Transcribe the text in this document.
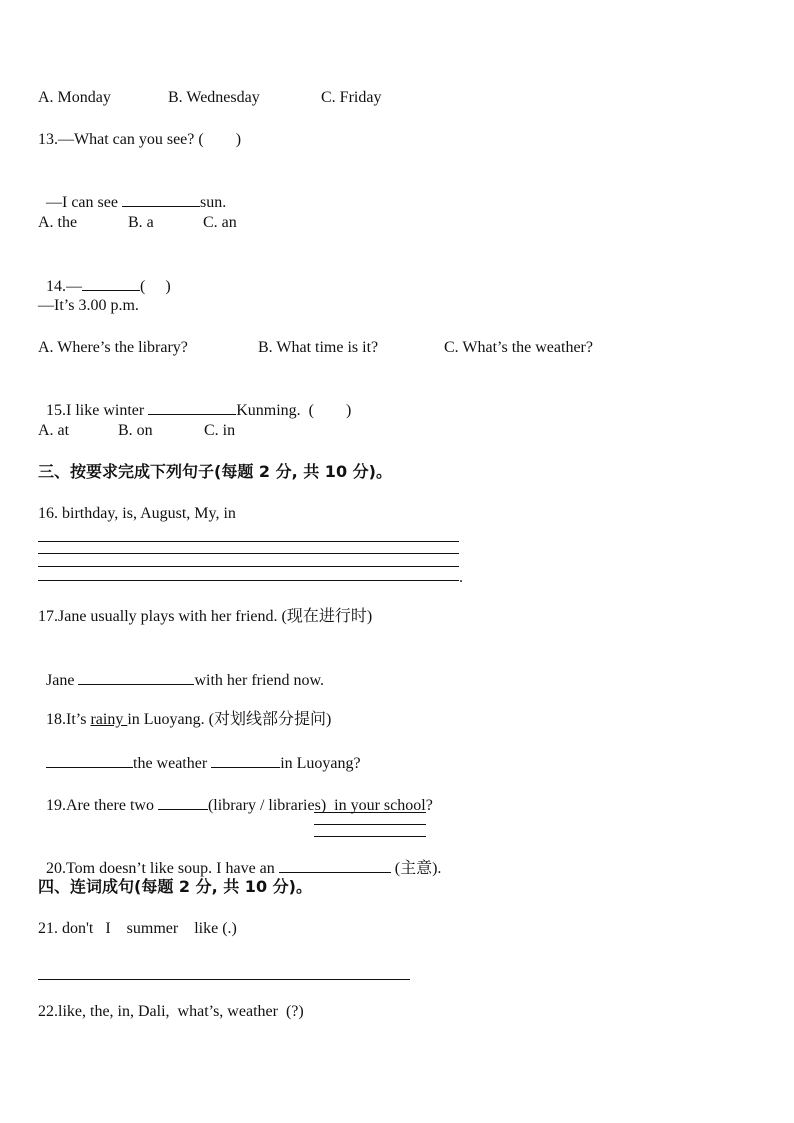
A. Monday	B. Wednesday	C. Friday
13.—What can you see? (        )

—I can see	sun.

A. the	B. a	C. an

14.—	(     )

—It’s 3.00 p.m.
A. Where’s the library?	B. What time is it?	C. What’s the weather?

15.I like winter	Kunming.  (        )

A. at	B. on	C. in
三、按要求完成下列句子(每题 2 分, 共 10 分)。
16. birthday, is, August, My, in
.
17.Jane usually plays with her friend. (现在进行时)

Jane	with her friend now.

18.It’s rainy in Luoyang. (对划线部分提问)

the weather	in Luoyang?

19.Are there two	(library / libraries)  in your school?

20.Tom doesn’t like soup. I have an	(主意).

四、连词成句(每题 2 分, 共 10 分)。
21. don't   I    summer    like (.)
22.like, the, in, Dali,  what’s, weather  (?)
